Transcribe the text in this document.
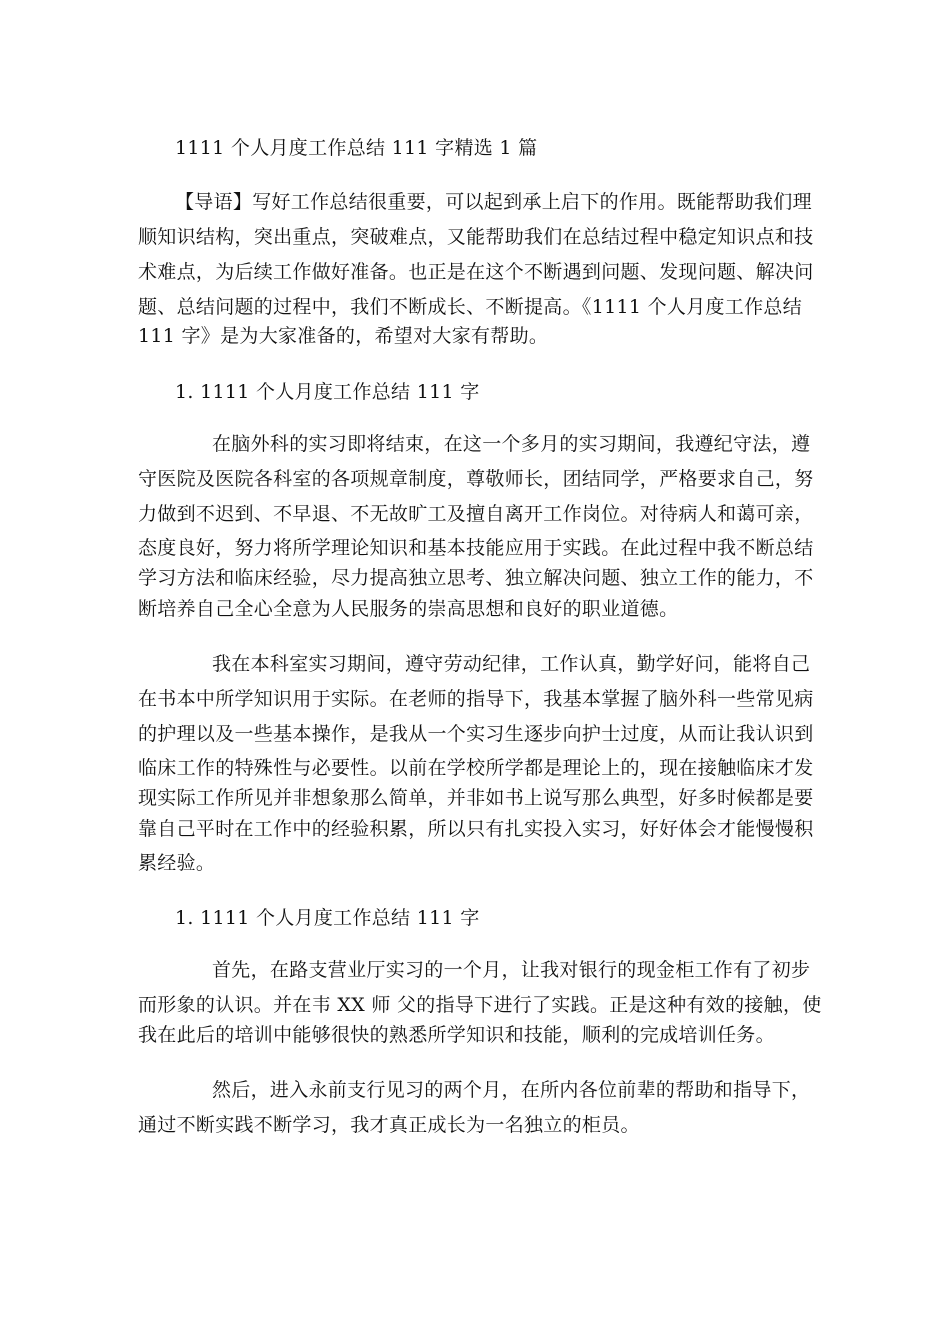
1111 个人月度工作总结 111 字精选 1 篇
【导语】写好工作总结很重要，可以起到承上启下的作用。既能帮助我们理
顺知识结构，突出重点，突破难点，又能帮助我们在总结过程中稳定知识点和技
术难点，为后续工作做好准备。也正是在这个不断遇到问题、发现问题、解决问
题、总结问题的过程中，我们不断成长、不断提高。《1111 个人月度工作总结
111 字》是为大家准备的，希望对大家有帮助。
1. 1111 个人月度工作总结 111 字
在脑外科的实习即将结束，在这一个多月的实习期间，我遵纪守法，遵
守医院及医院各科室的各项规章制度，尊敬师长，团结同学，严格要求自己，努
力做到不迟到、不早退、不无故旷工及擅自离开工作岗位。对待病人和蔼可亲，
态度良好，努力将所学理论知识和基本技能应用于实践。在此过程中我不断总结
学习方法和临床经验，尽力提高独立思考、独立解决问题、独立工作的能力，不
断培养自己全心全意为人民服务的崇高思想和良好的职业道德。
我在本科室实习期间，遵守劳动纪律，工作认真，勤学好问，能将自己
在书本中所学知识用于实际。在老师的指导下，我基本掌握了脑外科一些常见病
的护理以及一些基本操作，是我从一个实习生逐步向护士过度，从而让我认识到
临床工作的特殊性与必要性。以前在学校所学都是理论上的，现在接触临床才发
现实际工作所见并非想象那么简单，并非如书上说写那么典型，好多时候都是要
靠自己平时在工作中的经验积累，所以只有扎实投入实习，好好体会才能慢慢积
累经验。
1. 1111 个人月度工作总结 111 字
首先，在路支营业厅实习的一个月，让我对银行的现金柜工作有了初步
而形象的认识。并在韦 XX 师 父的指导下进行了实践。正是这种有效的接触，使
我在此后的培训中能够很快的熟悉所学知识和技能，顺利的完成培训任务。
然后，进入永前支行见习的两个月，在所内各位前辈的帮助和指导下，
通过不断实践不断学习，我才真正成长为一名独立的柜员。
